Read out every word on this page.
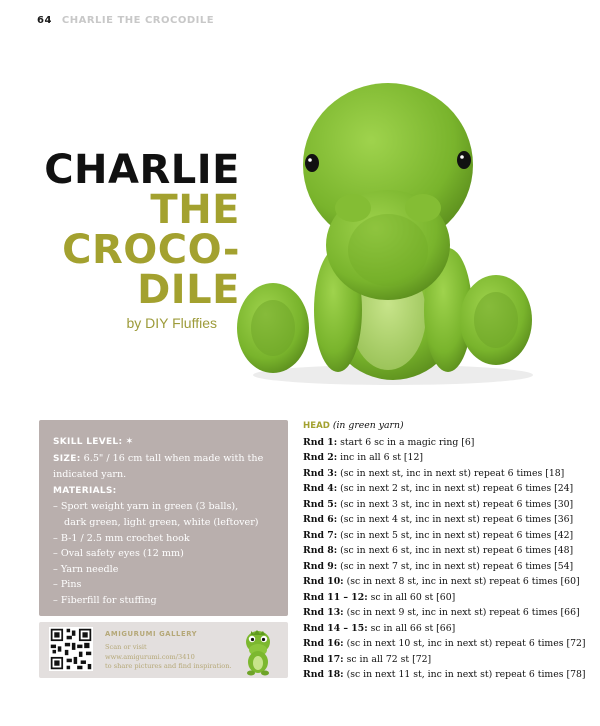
64 CHARLIE THE CROCODILE
CHARLIE
THE
CROCO-
DILE
by DIY Fluffies

SKILL LEVEL: ✶

SIZE: 6.5" / 16 cm tall when made with the

indicated yarn.

MATERIALS:

– Sport weight yarn in green (3 balls),

dark green, light green, white (leftover)

– B-1 / 2.5 mm crochet hook

– Oval safety eyes (12 mm)

– Yarn needle

– Pins

– Fiberfill for stuffing

AMIGURUMI GALLERY
Scan or visit
www.amigurumi.com/3410
to share pictures and find inspiration.
HEAD (in green yarn)
Rnd 1: start 6 sc in a magic ring [6]
Rnd 2: inc in all 6 st [12]
Rnd 3: (sc in next st, inc in next st) repeat 6 times [18]
Rnd 4: (sc in next 2 st, inc in next st) repeat 6 times [24]
Rnd 5: (sc in next 3 st, inc in next st) repeat 6 times [30]
Rnd 6: (sc in next 4 st, inc in next st) repeat 6 times [36]
Rnd 7: (sc in next 5 st, inc in next st) repeat 6 times [42]
Rnd 8: (sc in next 6 st, inc in next st) repeat 6 times [48]
Rnd 9: (sc in next 7 st, inc in next st) repeat 6 times [54]
Rnd 10: (sc in next 8 st, inc in next st) repeat 6 times [60]
Rnd 11 – 12: sc in all 60 st [60]
Rnd 13: (sc in next 9 st, inc in next st) repeat 6 times [66]
Rnd 14 – 15: sc in all 66 st [66]
Rnd 16: (sc in next 10 st, inc in next st) repeat 6 times [72]
Rnd 17: sc in all 72 st [72]
Rnd 18: (sc in next 11 st, inc in next st) repeat 6 times [78]
